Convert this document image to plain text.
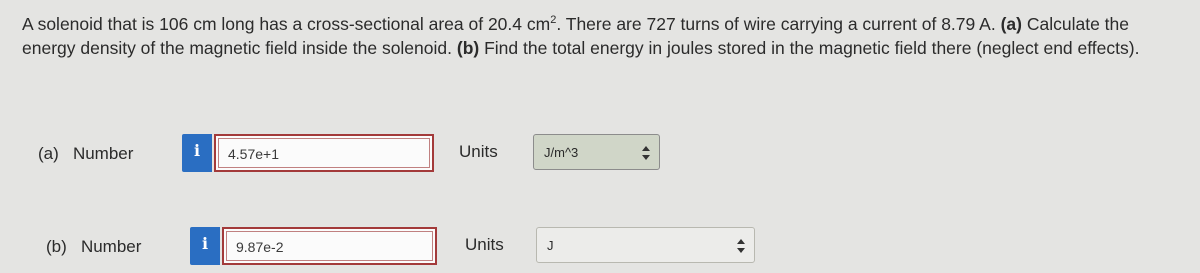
A solenoid that is 106 cm long has a cross-sectional area of 20.4 $cm^2$. There are 727 turns of wire carrying a current of 8.79 A. (a) Calculate the energy density of the magnetic field inside the solenoid. (b) Find the total energy in joules stored in the magnetic field there (neglect end effects).
(a)   Number	i	4.57e+1	Units	J/m^3
(b)   Number	i	9.87e-2	Units	J
